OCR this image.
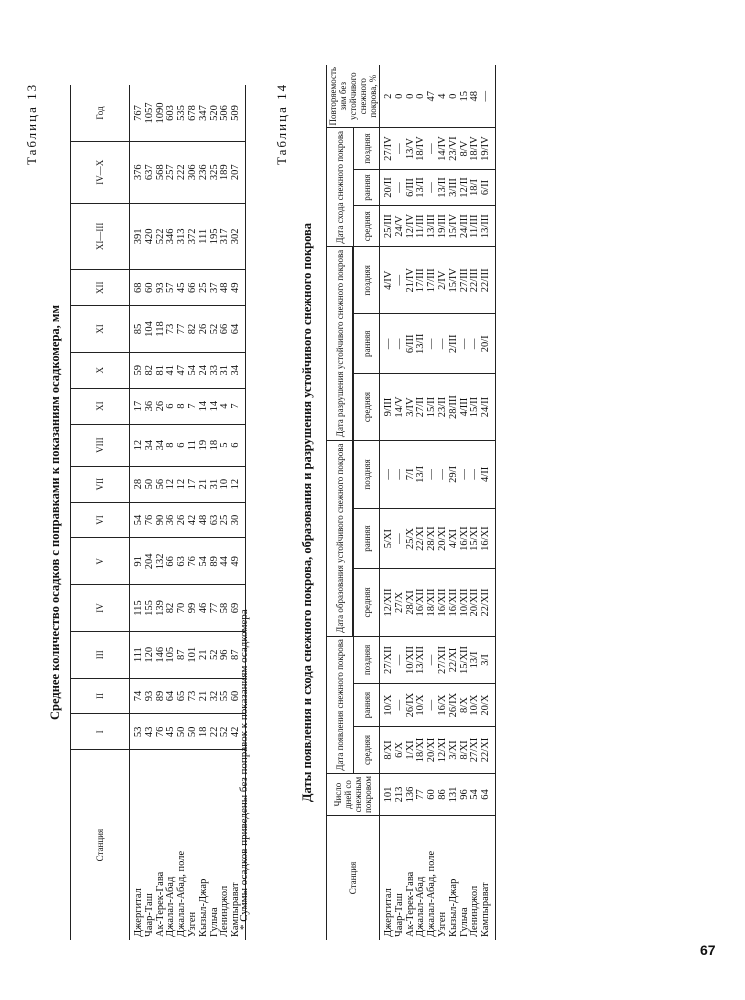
Таблица 13
Среднее количество осадков с поправками к показаниям осадкомера, мм
Станция	I	II	III	IV	V	VI	VII	VIII	XI	X	XI	XII	XI—III	IV—X	Год
Джергитал	53	74	111	115	91	54	28	12	17	59	85	68	391	376	767
Чаар-Таш	43	93	120	155	204	76	50	34	36	82	104	60	420	637	1057
Ак-Терек-Гава	76	89	146	139	132	90	56	34	26	81	118	93	522	568	1090
Джалал-Абад	45	64	105	82	66	36	12	8	6	41	73	57	346	257	603
Джалал-Абад, поле	50	65	87	70	63	26	12	6	8	47	77	45	313	222	535
Узген	50	73	101	99	76	42	17	11	7	54	82	66	372	306	678
Кызыл-Джар	18	21	21	46	54	48	21	19	14	24	26	25	111	236	347
Гульча	22	32	52	77	89	63	31	18	14	33	52	37	195	325	520
Ленинджол	52	55	96	58	44	25	10	5	4	31	66	48	317	189	506
Кампырават	42	60	87	69	49	30	12	6	7	34	64	49	302	207	509
* Суммы осадков приведены без поправок к показаниям осадкомера
Таблица 14
Даты появления и схода снежного покрова, образования и разрушения устойчивого снежного покрова
Станция	Число дней со снежным покровом	Дата появления снежного покрова			Дата образования устойчивого снежного покрова			Дата разрушения устойчивого снежного покрова			Дата схода снежного покрова			Повторяемость зим без устойчивого снежного покрова, %

		средняя	ранняя	поздняя	средняя	ранняя	поздняя	средняя	ранняя	поздняя	средняя	ранняя	поздняя	
Джергитал	101	8/XI	10/X	27/XII	12/XII	5/XI	—	9/III	—	4/IV	25/III	20/II	27/IV	2
Чаар-Таш	213	6/X	—	—	27/X	—	—	14/V	—	—	24/V	—	—	0
Ак-Терек-Гава	136	1/XI	26/IX	10/XII	28/XI	25/X	7/I	3/IV	6/III	21/IV	12/IV	6/III	13/V	0
Джалал-Абад	77	18/XI	10/X	13/XII	16/XII	22/XI	13/I	27/II	13/II	17/III	11/III	13/II	18/IV	0
Джалал-Абад, поле	60	20/XI	—	—	18/XII	28/XI	—	15/II	—	17/III	13/III	—	—	47
Узген	86	12/XI	16/X	27/XII	16/XII	20/XI	—	23/II	—	2/IV	19/III	13/II	14/IV	4
Кызыл-Джар	131	3/XI	26/IX	22/XI	16/XII	4/XI	29/I	28/III	2/III	15/IV	15/IV	3/III	23/VI	0
Гульча	96	8/XI	8/X	15/XII	10/XII	16/XI	—	4/III	—	27/III	24/III	12/II	8/V	15
Ленинджол	54	27/XI	10/X	13/I	20/XII	15/XI	—	15/II	—	22/III	11/III	18/I	18/IV	48
Кампырават	64	22/XI	20/X	3/I	22/XII	16/XI	4/II	24/II	20/I	22/III	13/III	6/II	19/IV	—
67
